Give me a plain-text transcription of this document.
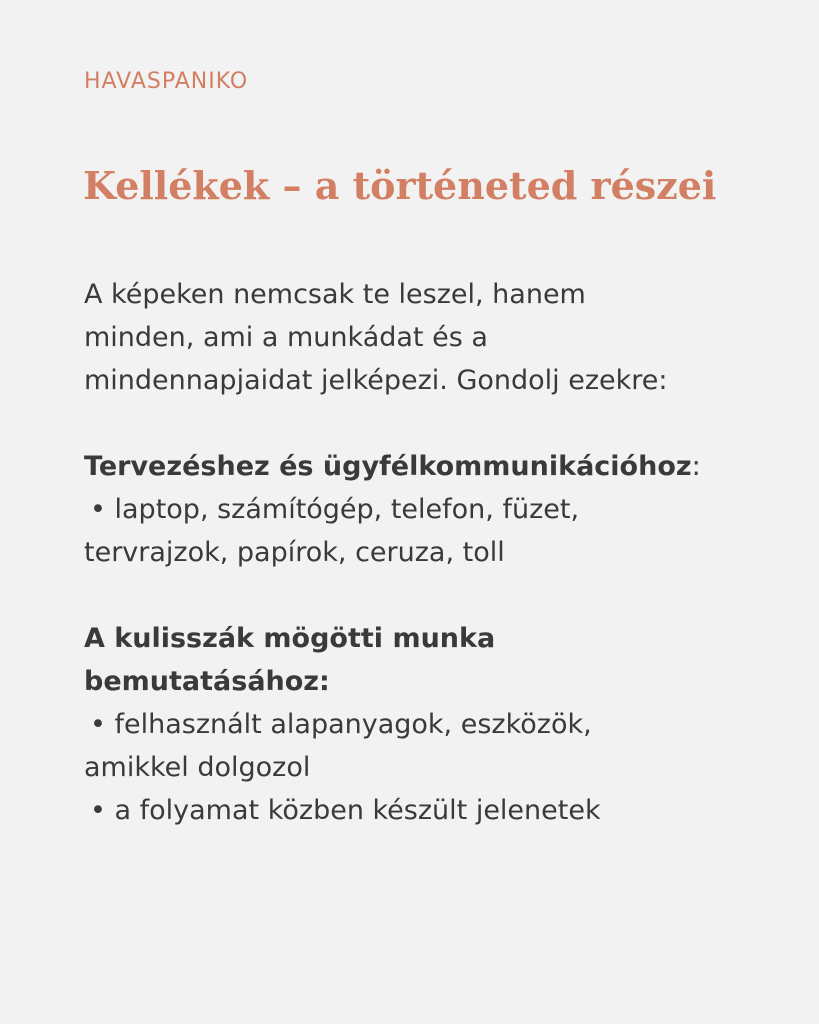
HAVASPANIKO
Kellékek – a történeted részei

A képeken nemcsak te leszel, hanem

minden, ami a munkádat és a

mindennapjaidat jelképezi. Gondolj ezekre:

Tervezéshez és ügyfélkommunikációhoz:

• laptop, számítógép, telefon, füzet,

tervrajzok, papírok, ceruza, toll

A kulisszák mögötti munka

bemutatásához:

• felhasznált alapanyagok, eszközök,

amikkel dolgozol

• a folyamat közben készült jelenetek
